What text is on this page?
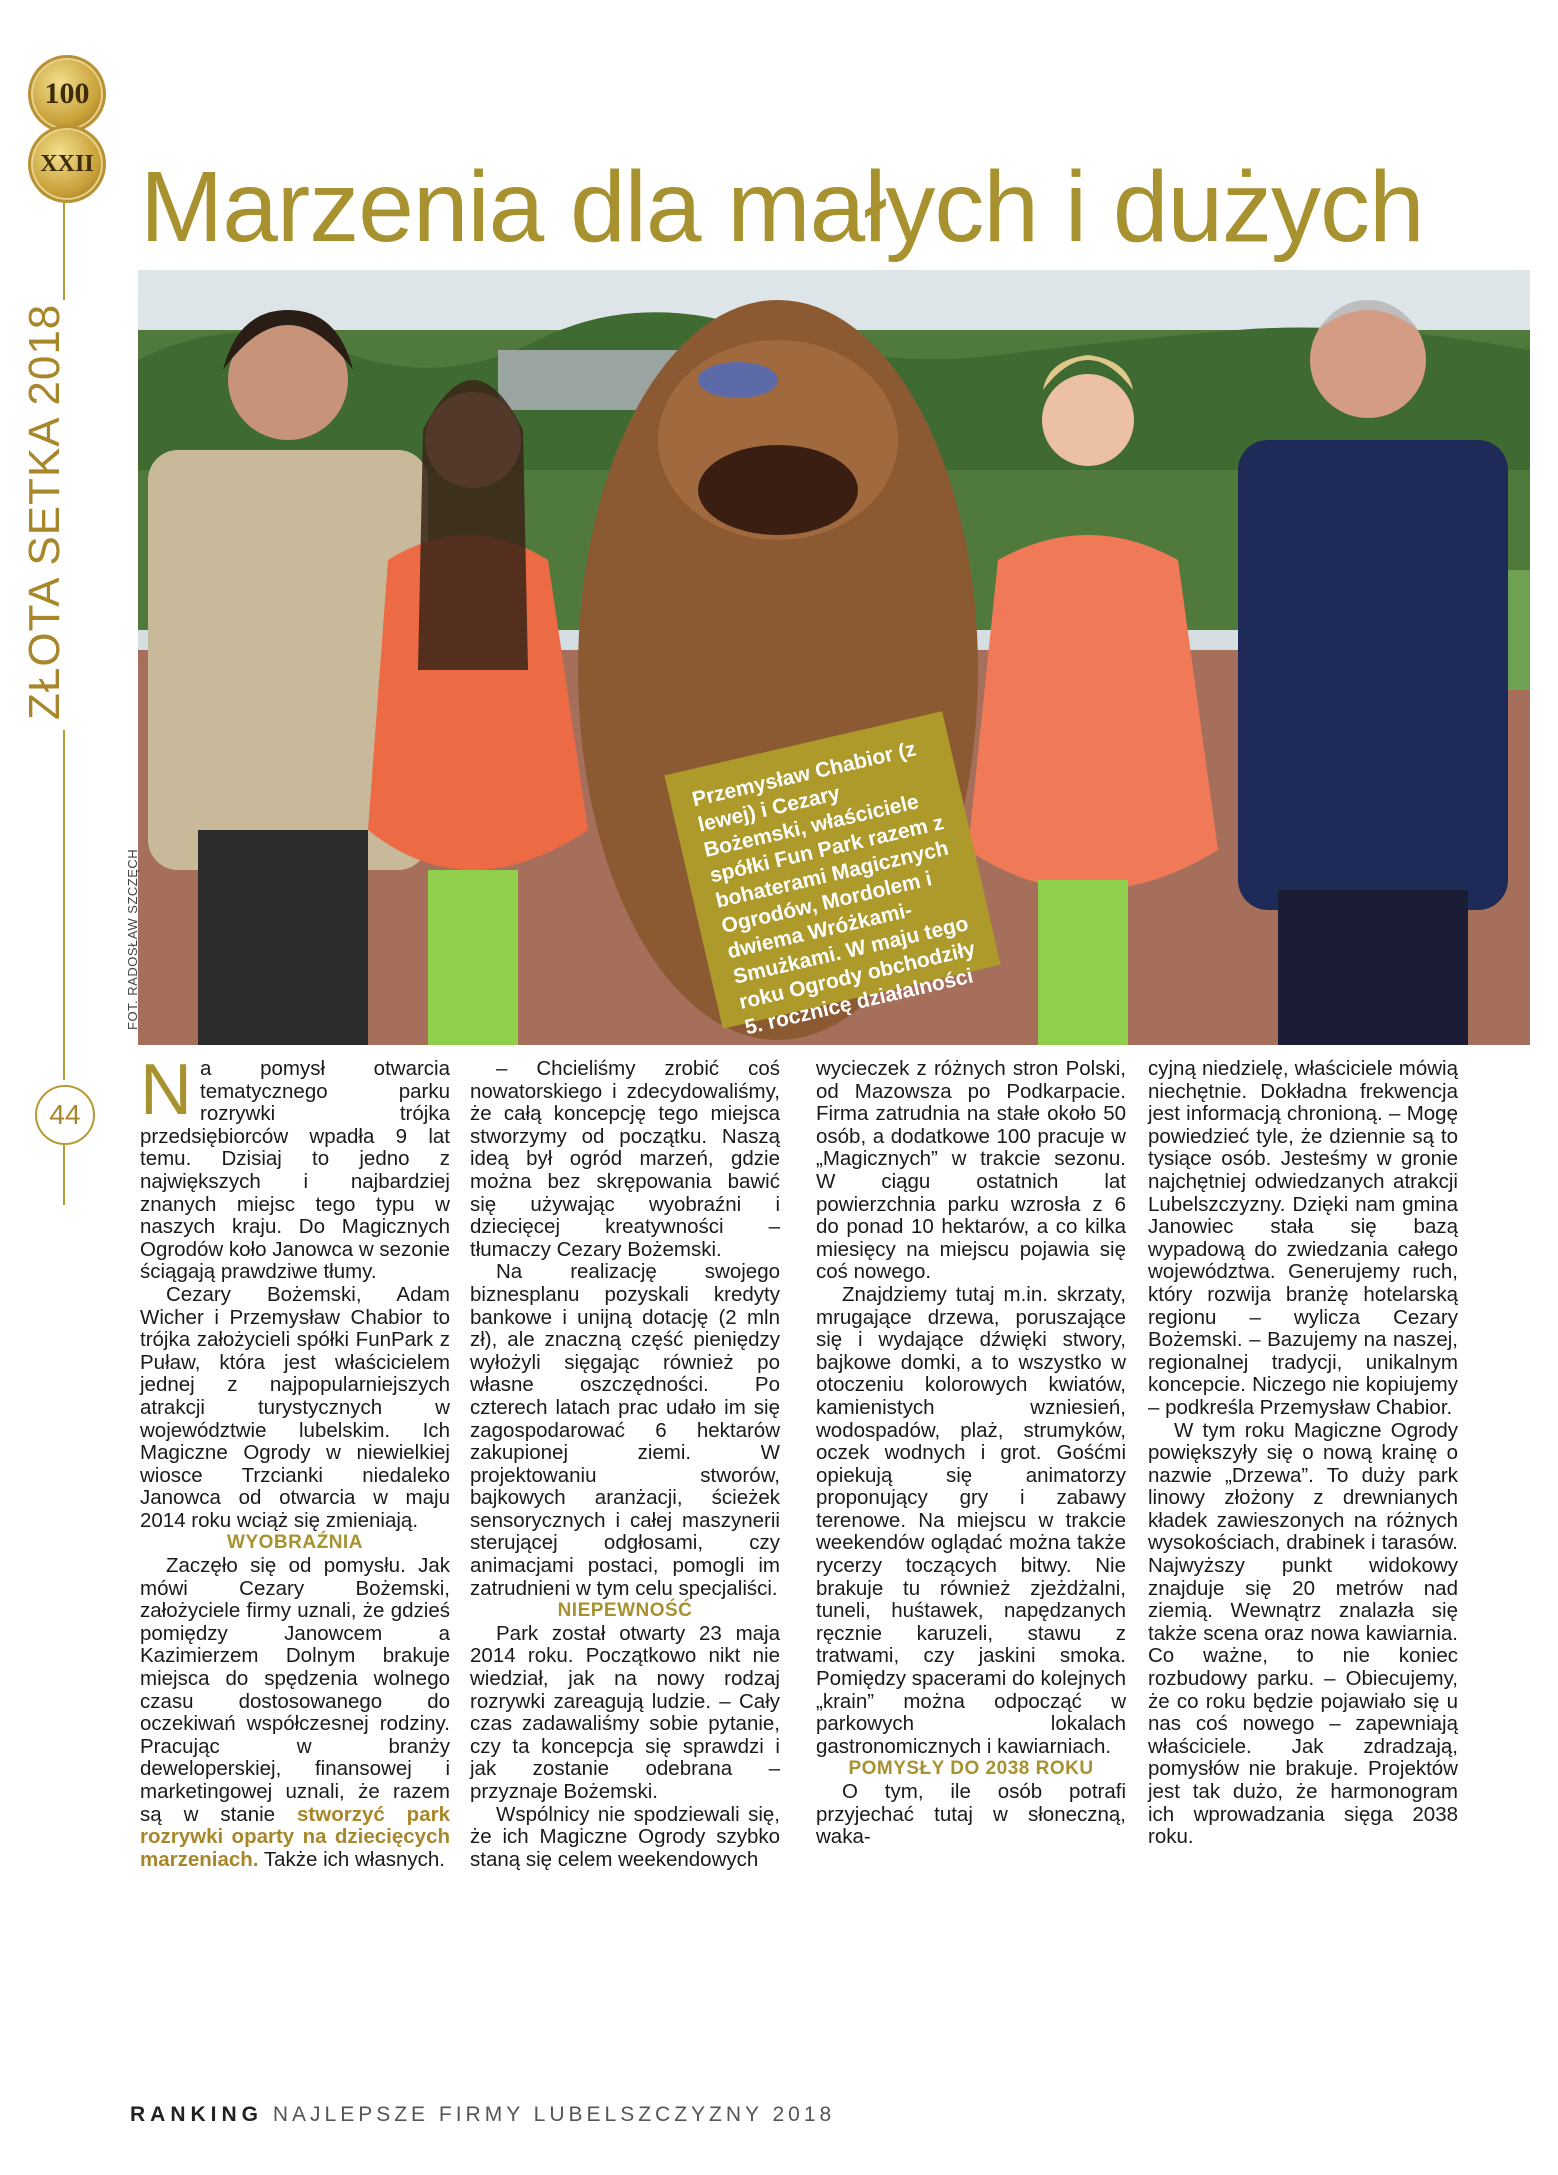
100
XXII
ZŁOTA SETKA 2018
44
Marzenia dla małych i dużych
FOT. RADOSŁAW SZCZĘCH

Przemysław Chabior (z lewej) i Cezary Bożemski, właściciele spółki Fun Park razem z bohaterami Magicznych Ogrodów, Mordolem i dwiema Wróżkami-Smużkami. W maju tego roku Ogrody obchodziły 5. rocznicę działalności

Na pomysł otwarcia tematycznego parku rozrywki trójka przedsiębiorców wpadła 9 lat temu. Dzisiaj to jedno z największych i najbardziej znanych miejsc tego typu w naszych kraju. Do Magicznych Ogrodów koło Janowca w sezonie ściągają prawdziwe tłumy.

Cezary Bożemski, Adam Wicher i Przemysław Chabior to trójka założycieli spółki FunPark z Puław, która jest właścicielem jednej z najpopularniejszych atrakcji turystycznych w województwie lubelskim. Ich Magiczne Ogrody w niewielkiej wiosce Trzcianki niedaleko Janowca od otwarcia w maju 2014 roku wciąż się zmieniają.

WYOBRAŹNIA

Zaczęło się od pomysłu. Jak mówi Cezary Bożemski, założyciele firmy uznali, że gdzieś pomiędzy Janowcem a Kazimierzem Dolnym brakuje miejsca do spędzenia wolnego czasu dostosowanego do oczekiwań współczesnej rodziny. Pracując w branży deweloperskiej, finansowej i marketingowej uznali, że razem są w stanie stworzyć park rozrywki oparty na dziecięcych marzeniach. Także ich własnych.

– Chcieliśmy zrobić coś nowatorskiego i zdecydowaliśmy, że całą koncepcję tego miejsca stworzymy od początku. Naszą ideą był ogród marzeń, gdzie można bez skrępowania bawić się używając wyobraźni i dziecięcej kreatywności – tłumaczy Cezary Bożemski.

Na realizację swojego biznesplanu pozyskali kredyty bankowe i unijną dotację (2 mln zł), ale znaczną część pieniędzy wyłożyli sięgając również po własne oszczędności. Po czterech latach prac udało im się zagospodarować 6 hektarów zakupionej ziemi. W projektowaniu stworów, bajkowych aranżacji, ścieżek sensorycznych i całej maszynerii sterującej odgłosami, czy animacjami postaci, pomogli im zatrudnieni w tym celu specjaliści.

NIEPEWNOŚĆ

Park został otwarty 23 maja 2014 roku. Początkowo nikt nie wiedział, jak na nowy rodzaj rozrywki zareagują ludzie. – Cały czas zadawaliśmy sobie pytanie, czy ta koncepcja się sprawdzi i jak zostanie odebrana – przyznaje Bożemski.

Wspólnicy nie spodziewali się, że ich Magiczne Ogrody szybko staną się celem weekendowych

wycieczek z różnych stron Polski, od Mazowsza po Podkarpacie. Firma zatrudnia na stałe około 50 osób, a dodatkowe 100 pracuje w „Magicznych” w trakcie sezonu. W ciągu ostatnich lat powierzchnia parku wzrosła z 6 do ponad 10 hektarów, a co kilka miesięcy na miejscu pojawia się coś nowego.

Znajdziemy tutaj m.in. skrzaty, mrugające drzewa, poruszające się i wydające dźwięki stwory, bajkowe domki, a to wszystko w otoczeniu kolorowych kwiatów, kamienistych wzniesień, wodospadów, plaż, strumyków, oczek wodnych i grot. Gośćmi opiekują się animatorzy proponujący gry i zabawy terenowe. Na miejscu w trakcie weekendów oglądać można także rycerzy toczących bitwy. Nie brakuje tu również zjeżdżalni, tuneli, huśtawek, napędzanych ręcznie karuzeli, stawu z tratwami, czy jaskini smoka. Pomiędzy spacerami do kolejnych „krain” można odpocząć w parkowych lokalach gastronomicznych i kawiarniach.

POMYSŁY DO 2038 ROKU

O tym, ile osób potrafi przyjechać tutaj w słoneczną, waka-

cyjną niedzielę, właściciele mówią niechętnie. Dokładna frekwencja jest informacją chronioną. – Mogę powiedzieć tyle, że dziennie są to tysiące osób. Jesteśmy w gronie najchętniej odwiedzanych atrakcji Lubelszczyzny. Dzięki nam gmina Janowiec stała się bazą wypadową do zwiedzania całego województwa. Generujemy ruch, który rozwija branżę hotelarską regionu – wylicza Cezary Bożemski. – Bazujemy na naszej, regionalnej tradycji, unikalnym koncepcie. Niczego nie kopiujemy – podkreśla Przemysław Chabior.

W tym roku Magiczne Ogrody powiększyły się o nową krainę o nazwie „Drzewa”. To duży park linowy złożony z drewnianych kładek zawieszonych na różnych wysokościach, drabinek i tarasów. Najwyższy punkt widokowy znajduje się 20 metrów nad ziemią. Wewnątrz znalazła się także scena oraz nowa kawiarnia. Co ważne, to nie koniec rozbudowy parku. – Obiecujemy, że co roku będzie pojawiało się u nas coś nowego – zapewniają właściciele. Jak zdradzają, pomysłów nie brakuje. Projektów jest tak dużo, że harmonogram ich wprowadzania sięga 2038 roku.

RANKING NAJLEPSZE FIRMY LUBELSZCZYZNY 2018
